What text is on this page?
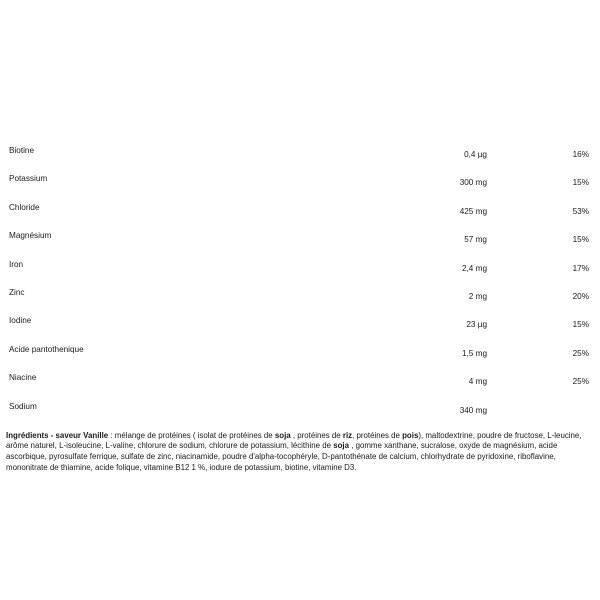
Biotine	0,4 µg	16%
Potassium	300 mg	15%
Chloride	425 mg	53%
Magnésium	57 mg	15%
Iron	2,4 mg	17%
Zinc	2 mg	20%
Iodine	23 µg	15%
Acide pantothenique	1,5 mg	25%
Niacine	4 mg	25%
Sodium	340 mg

Ingrédients - saveur Vanille : mélange de protéines ( isolat de protéines de soja , protéines de riz, protéines de pois), maltodextrine, poudre de fructose, L-leucine, arôme naturel, L-isoleucine, L-valine, chlorure de sodium, chlorure de potassium, lécithine de soja , gomme xanthane, sucralose, oxyde de magnésium, acide ascorbique, pyrosulfate ferrique, sulfate de zinc, niacinamide, poudre d'alpha-tocophéryle, D-pantothénate de calcium, chlorhydrate de pyridoxine, riboflavine, mononitrate de thiamine, acide folique, vitamine B12 1 %, iodure de potassium, biotine, vitamine D3.
